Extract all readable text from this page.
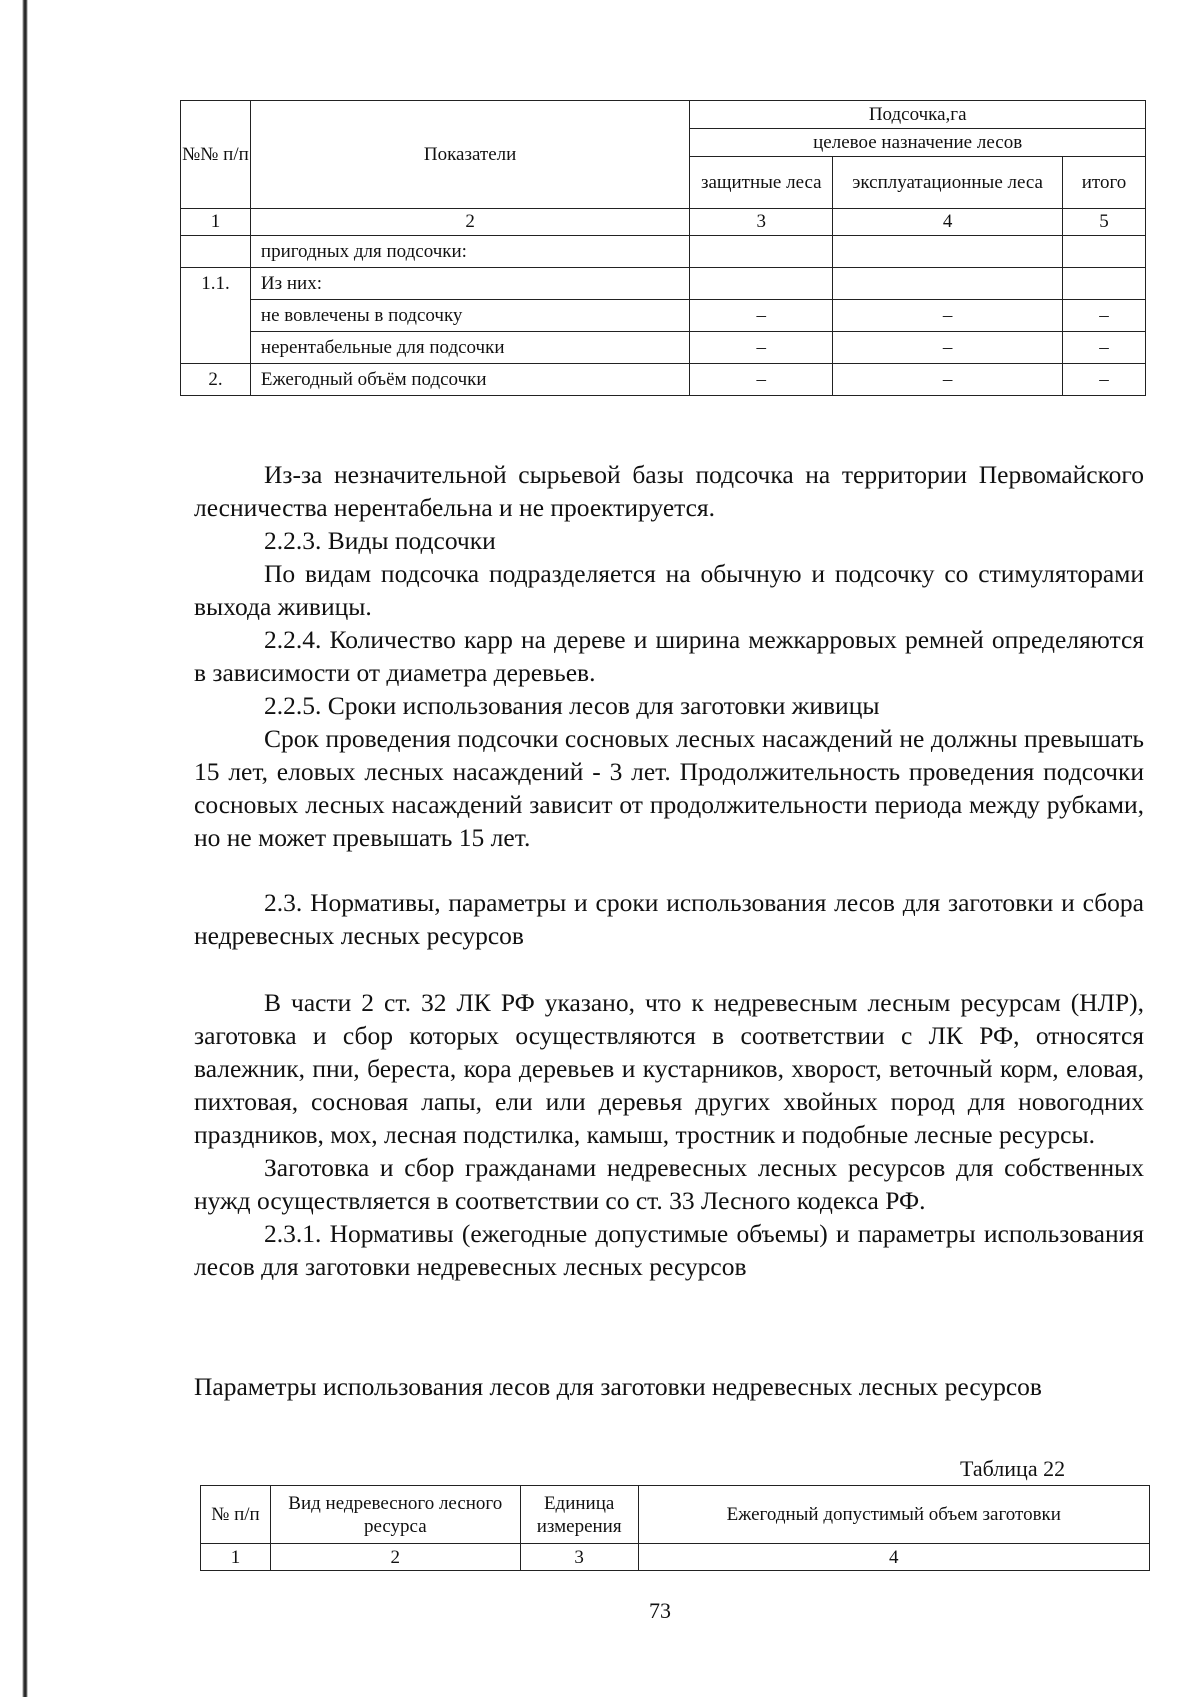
№№ п/п	Показатели	Подсочка,га		
		целевое назначение лесов		
		защитные леса	эксплуатационные леса	итого
1	2	3	4	5
	пригодных для подсочки:			
1.1.	Из них:			
	не вовлечены в подсочку	–	–	–
	нерентабельные для подсочки	–	–	–
2.	Ежегодный объём подсочки	–	–	–

Из-за незначительной сырьевой базы подсочка на территории Первомайского лесничества нерентабельна и не проектируется.

2.2.3. Виды подсочки

По видам подсочка подразделяется на обычную и подсочку со стимуляторами выхода живицы.

2.2.4. Количество карр на дереве и ширина межкарровых ремней определяются в зависимости от диаметра деревьев.

2.2.5. Сроки использования лесов для заготовки живицы

Срок проведения подсочки сосновых лесных насаждений не должны превышать 15 лет, еловых лесных насаждений - 3 лет. Продолжительность проведения подсочки сосновых лесных насаждений зависит от продолжительности периода между рубками, но не может превышать 15 лет.

2.3. Нормативы, параметры и сроки использования лесов для заготовки и сбора недревесных лесных ресурсов

В части 2 ст. 32 ЛК РФ указано, что к недревесным лесным ресурсам (НЛР), заготовка и сбор которых осуществляются в соответствии с ЛК РФ, относятся валежник, пни, береста, кора деревьев и кустарников, хворост, веточный корм, еловая, пихтовая, сосновая лапы, ели или деревья других хвойных пород для новогодних праздников, мох, лесная подстилка, камыш, тростник и подобные лесные ресурсы.

Заготовка и сбор гражданами недревесных лесных ресурсов для собственных нужд осуществляется в соответствии со ст. 33 Лесного кодекса РФ.

2.3.1. Нормативы (ежегодные допустимые объемы) и параметры использования лесов для заготовки недревесных лесных ресурсов

Параметры использования лесов для заготовки недревесных лесных ресурсов

Таблица 22
№ п/п	Вид недревесного лесного ресурса	Единица измерения	Ежегодный допустимый объем заготовки
1	2	3	4
73
